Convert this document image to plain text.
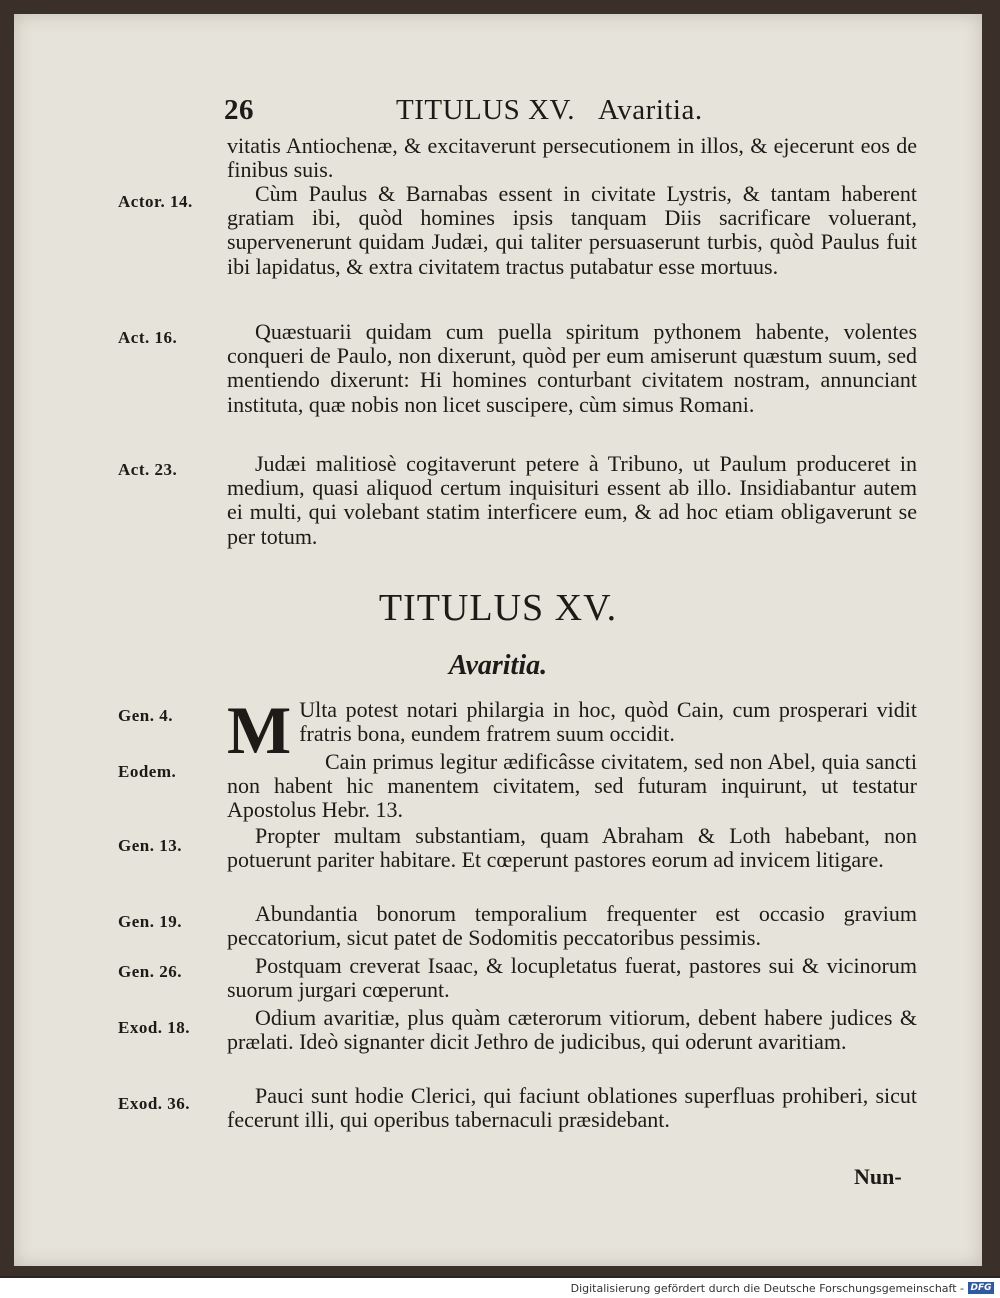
26	TITULUS XV. Avaritia.
vitatis Antiochenæ, & excitaverunt persecutionem in illos, & ejecerunt eos de finibus suis.
Actor. 14.	Cùm Paulus & Barnabas essent in civitate Lystris, & tantam haberent gratiam ibi, quòd homines ipsis tanquam Diis sacrificare voluerant, supervenerunt quidam Judæi, qui taliter persuaserunt turbis, quòd Paulus fuit ibi lapidatus, & extra civitatem tractus putabatur esse mortuus.
Act. 16.	Quæstuarii quidam cum puella spiritum pythonem habente, volentes conqueri de Paulo, non dixerunt, quòd per eum amiserunt quæstum suum, sed mentiendo dixerunt: Hi homines conturbant civitatem nostram, annunciant instituta, quæ nobis non licet suscipere, cùm simus Romani.
Act. 23.	Judæi malitiosè cogitaverunt petere à Tribuno, ut Paulum produceret in medium, quasi aliquod certum inquisituri essent ab illo. Insidiabantur autem ei multi, qui volebant statim interficere eum, & ad hoc etiam obligaverunt se per totum.
TITULUS XV.
Avaritia.
Gen. 4. M Ulta potest notari philargia in hoc, quòd Cain, cum prosperari vidit fratris bona, eundem fratrem suum occidit.
Eodem.	Cain primus legitur ædificâsse civitatem, sed non Abel, quia sancti non habent hic manentem civitatem, sed futuram inquirunt, ut testatur Apostolus Hebr. 13.
Gen. 13.	Propter multam substantiam, quam Abraham & Loth habebant, non potuerunt pariter habitare. Et cœperunt pastores eorum ad invicem litigare.
Gen. 19.	Abundantia bonorum temporalium frequenter est occasio gravium peccatorium, sicut patet de Sodomitis peccatoribus pessimis.
Gen. 26.	Postquam creverat Isaac, & locupletatus fuerat, pastores sui & vicinorum suorum jurgari cœperunt.
Exod. 18.	Odium avaritiæ, plus quàm cæterorum vitiorum, debent habere judices & prælati. Ideò signanter dicit Jethro de judicibus, qui oderunt avaritiam.
Exod. 36.	Pauci sunt hodie Clerici, qui faciunt oblationes superfluas prohiberi, sicut fecerunt illi, qui operibus tabernaculi præsidebant.
Nun-
Digitalisierung gefördert durch die Deutsche Forschungsgemeinschaft - DFG
